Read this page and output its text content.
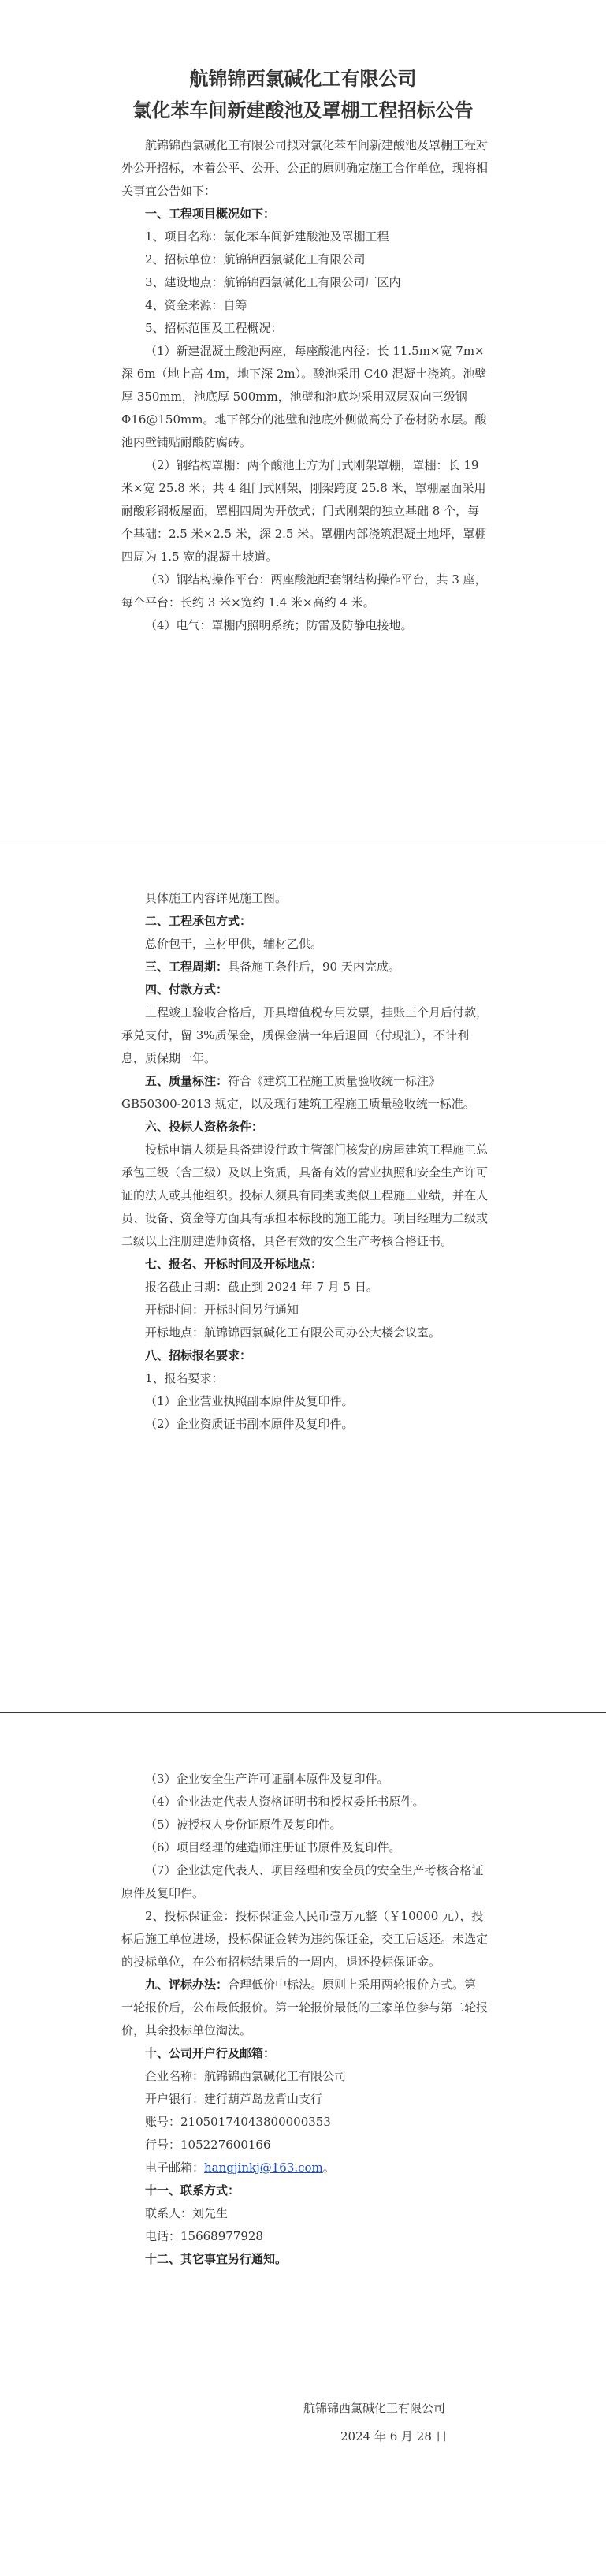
航锦锦西氯碱化工有限公司

氯化苯车间新建酸池及罩棚工程招标公告

航锦锦西氯碱化工有限公司拟对氯化苯车间新建酸池及罩棚工程对外公开招标，本着公平、公开、公正的原则确定施工合作单位，现将相关事宜公告如下：

一、工程项目概况如下：

1、项目名称：氯化苯车间新建酸池及罩棚工程

2、招标单位：航锦锦西氯碱化工有限公司

3、建设地点：航锦锦西氯碱化工有限公司厂区内

4、资金来源：自筹

5、招标范围及工程概况：

（1）新建混凝土酸池两座，每座酸池内径：长 11.5m×宽 7m×深 6m（地上高 4m，地下深 2m）。酸池采用 C40 混凝土浇筑。池壁厚 350mm，池底厚 500mm，池壁和池底均采用双层双向三级钢Φ16@150mm。地下部分的池壁和池底外侧做高分子卷材防水层。酸池内壁铺贴耐酸防腐砖。

（2）钢结构罩棚：两个酸池上方为门式刚架罩棚，罩棚：长 19 米×宽 25.8 米；共 4 组门式刚架，刚架跨度 25.8 米，罩棚屋面采用耐酸彩钢板屋面，罩棚四周为开放式；门式刚架的独立基础 8 个，每个基础：2.5 米×2.5 米，深 2.5 米。罩棚内部浇筑混凝土地坪，罩棚四周为 1.5 宽的混凝土坡道。

（3）钢结构操作平台：两座酸池配套钢结构操作平台，共 3 座，每个平台：长约 3 米×宽约 1.4 米×高约 4 米。

（4）电气：罩棚内照明系统；防雷及防静电接地。

具体施工内容详见施工图。

二、工程承包方式：

总价包干，主材甲供，辅材乙供。

三、工程周期：具备施工条件后，90 天内完成。

四、付款方式：

工程竣工验收合格后，开具增值税专用发票，挂账三个月后付款，承兑支付，留 3%质保金，质保金满一年后退回（付现汇），不计利息，质保期一年。

五、质量标注：符合《建筑工程施工质量验收统一标注》GB50300-2013 规定，以及现行建筑工程施工质量验收统一标准。

六、投标人资格条件：

投标申请人须是具备建设行政主管部门核发的房屋建筑工程施工总承包三级（含三级）及以上资质，具备有效的营业执照和安全生产许可证的法人或其他组织。投标人须具有同类或类似工程施工业绩，并在人员、设备、资金等方面具有承担本标段的施工能力。项目经理为二级或二级以上注册建造师资格，具备有效的安全生产考核合格证书。

七、报名、开标时间及开标地点：

报名截止日期：截止到 2024 年 7 月 5 日。

开标时间：开标时间另行通知

开标地点：航锦锦西氯碱化工有限公司办公大楼会议室。

八、招标报名要求：

1、报名要求：

（1）企业营业执照副本原件及复印件。

（2）企业资质证书副本原件及复印件。

（3）企业安全生产许可证副本原件及复印件。

（4）企业法定代表人资格证明书和授权委托书原件。

（5）被授权人身份证原件及复印件。

（6）项目经理的建造师注册证书原件及复印件。

（7）企业法定代表人、项目经理和安全员的安全生产考核合格证原件及复印件。

2、投标保证金：投标保证金人民币壹万元整（￥10000 元），投标后施工单位进场，投标保证金转为违约保证金，交工后返还。未选定的投标单位，在公布招标结果后的一周内，退还投标保证金。

九、评标办法：合理低价中标法。原则上采用两轮报价方式。第一轮报价后，公布最低报价。第一轮报价最低的三家单位参与第二轮报价，其余投标单位淘汰。

十、公司开户行及邮箱：

企业名称：航锦锦西氯碱化工有限公司

开户银行：建行葫芦岛龙背山支行

账号：21050174043800000353

行号：105227600166

电子邮箱：hangjinkj@163.com。

十一、联系方式：

联系人：刘先生

电话：15668977928

十二、其它事宜另行通知。

航锦锦西氯碱化工有限公司

2024 年 6 月 28 日
